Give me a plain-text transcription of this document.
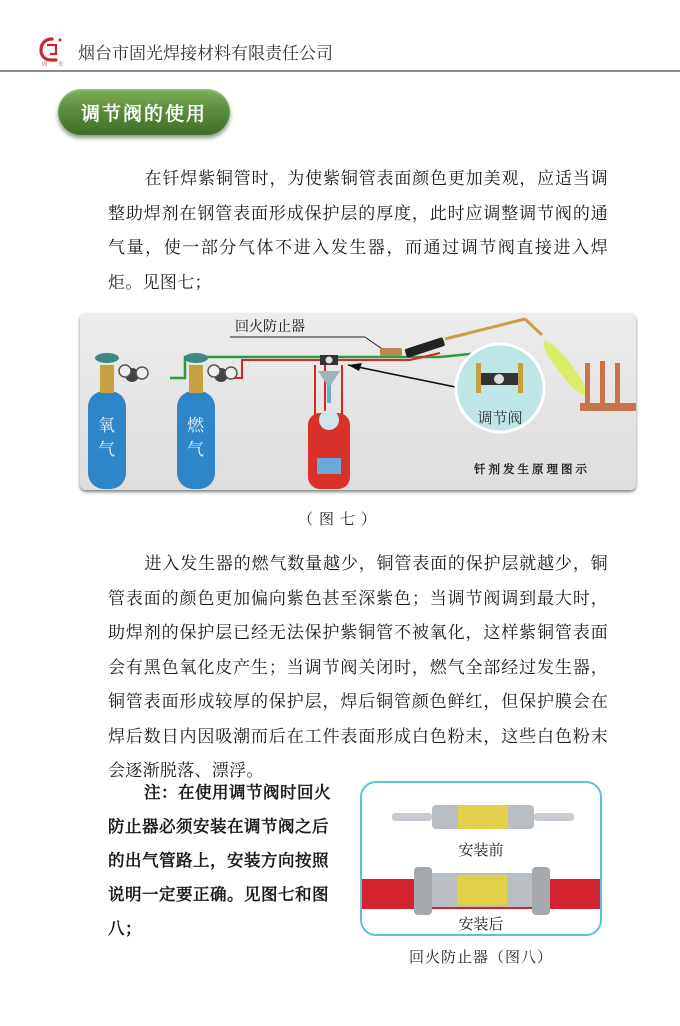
固 光
烟台市固光焊接材料有限责任公司
调节阀的使用
在钎焊紫铜管时，为使紫铜管表面颜色更加美观，应适当调整助焊剂在钢管表面形成保护层的厚度，此时应调整调节阀的通气量，使一部分气体不进入发生器，而通过调节阀直接进入焊炬。见图七；
调节阀
回火防止器
氧
气
燃
气
钎剂发生原理图示
（图七）
进入发生器的燃气数量越少，铜管表面的保护层就越少，铜管表面的颜色更加偏向紫色甚至深紫色；当调节阀调到最大时，助焊剂的保护层已经无法保护紫铜管不被氧化，这样紫铜管表面会有黑色氧化皮产生；当调节阀关闭时，燃气全部经过发生器，铜管表面形成较厚的保护层，焊后铜管颜色鲜红，但保护膜会在焊后数日内因吸潮而后在工件表面形成白色粉末，这些白色粉末会逐渐脱落、漂浮。
注：在使用调节阀时回火防止器必须安装在调节阀之后的出气管路上，安装方向按照说明一定要正确。见图七和图八；
安装前
安装后
回火防止器（图八）
